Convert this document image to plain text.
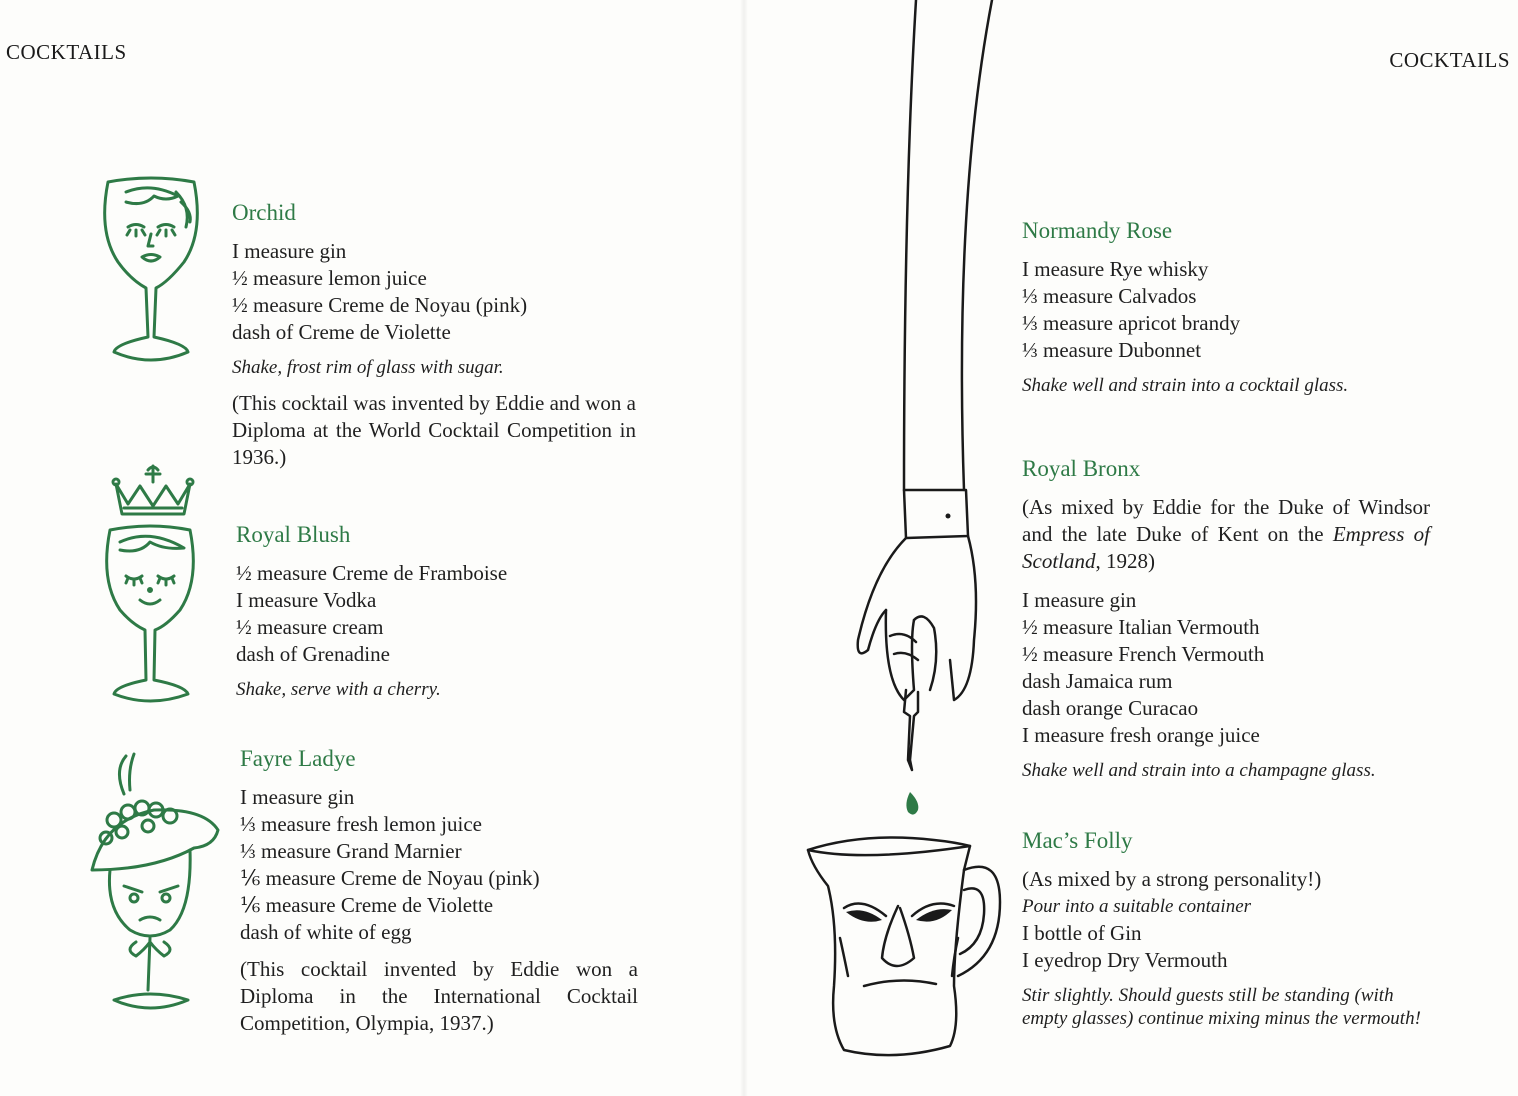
COCKTAILS
Orchid

I measure gin

½ measure lemon juice

½ measure Creme de Noyau (pink)

dash of Creme de Violette

Shake, frost rim of glass with sugar.

(This cocktail was invented by Eddie and won a Diploma at the World Cocktail Competition in 1936.)

Royal Blush

½ measure Creme de Framboise

I measure Vodka

½ measure cream

dash of Grenadine

Shake, serve with a cherry.

Fayre Ladye

I measure gin

⅓ measure fresh lemon juice

⅓ measure Grand Marnier

⅙ measure Creme de Noyau (pink)

⅙ measure Creme de Violette

dash of white of egg

(This cocktail invented by Eddie won a Diploma in the International Cocktail Competition, Olympia, 1937.)

COCKTAILS
Normandy Rose

I measure Rye whisky

⅓ measure Calvados

⅓ measure apricot brandy

⅓ measure Dubonnet

Shake well and strain into a cocktail glass.

Royal Bronx

(As mixed by Eddie for the Duke of Windsor and the late Duke of Kent on the Empress of Scotland, 1928)

I measure gin

½ measure Italian Vermouth

½ measure French Vermouth

dash Jamaica rum

dash orange Curacao

I measure fresh orange juice

Shake well and strain into a champagne glass.

Mac’s Folly

(As mixed by a strong personality!)

Pour into a suitable container

I bottle of Gin

I eyedrop Dry Vermouth

Stir slightly. Should guests still be standing (with empty glasses) continue mixing minus the vermouth!
